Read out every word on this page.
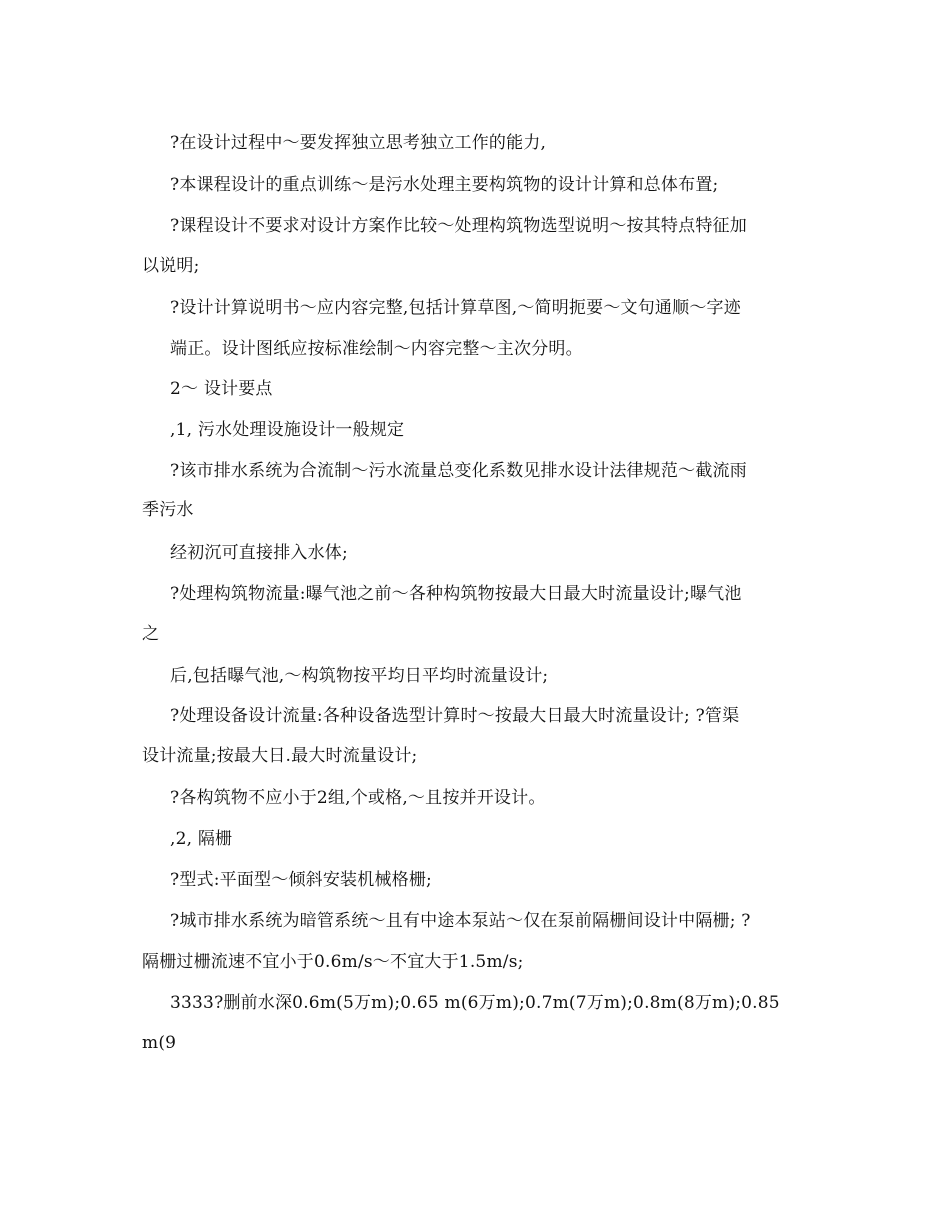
?在设计过程中～要发挥独立思考独立工作的能力,
?本课程设计的重点训练～是污水处理主要构筑物的设计计算和总体布置;
?课程设计不要求对设计方案作比较～处理构筑物选型说明～按其特点特征加
以说明;
?设计计算说明书～应内容完整,包括计算草图,～简明扼要～文句通顺～字迹
端正。设计图纸应按标准绘制～内容完整～主次分明。
2～ 设计要点
,1, 污水处理设施设计一般规定
?该市排水系统为合流制～污水流量总变化系数见排水设计法律规范～截流雨
季污水
经初沉可直接排入水体;
?处理构筑物流量:曝气池之前～各种构筑物按最大日最大时流量设计;曝气池
之
后,包括曝气池,～构筑物按平均日平均时流量设计;
?处理设备设计流量:各种设备选型计算时～按最大日最大时流量设计; ?管渠
设计流量;按最大日.最大时流量设计;
?各构筑物不应小于2组,个或格,～且按并开设计。
,2, 隔栅
?型式:平面型～倾斜安装机械格栅;
?城市排水系统为暗管系统～且有中途本泵站～仅在泵前隔栅间设计中隔栅; ?
隔栅过栅流速不宜小于0.6m/s～不宜大于1.5m/s;
3333?删前水深0.6m(5万m);0.65 m(6万m);0.7m(7万m);0.8m(8万m);0.85
m(9
